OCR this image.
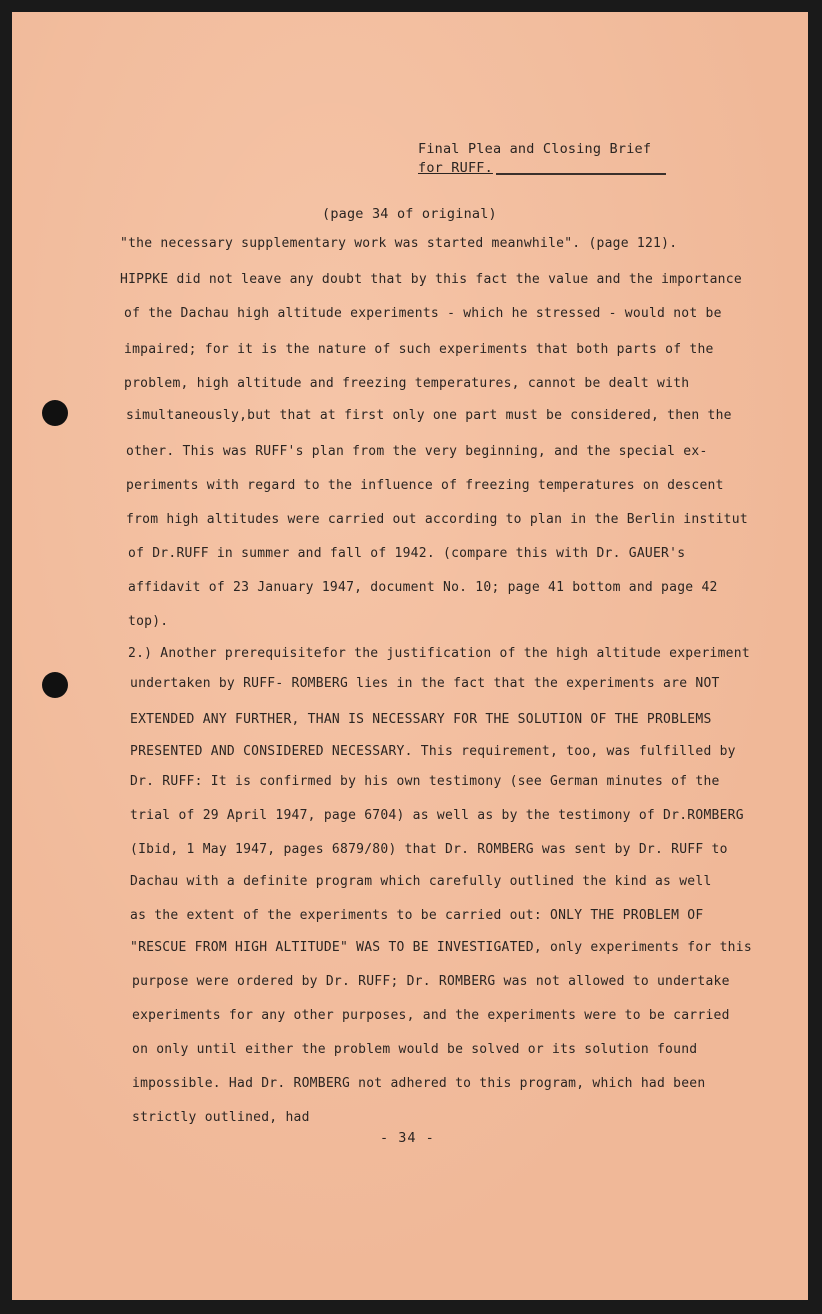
Final Plea and Closing Brief
for RUFF.
(page 34 of original)
"the necessary supplementary work was started meanwhile". (page 121).
HIPPKE did not leave any doubt that by this fact the value and the importance
of the Dachau high altitude experiments - which he stressed - would not be
impaired; for it is the nature of such experiments that both parts of the
problem, high altitude and freezing temperatures, cannot be dealt with
simultaneously,but that at first only one part must be considered, then the
other. This was RUFF's plan from the very beginning, and the special ex-
periments with regard to the influence of freezing temperatures on descent
from high altitudes were carried out according to plan in the Berlin institut
of Dr.RUFF in summer and fall of 1942. (compare this with Dr. GAUER's
affidavit of 23 January 1947, document No. 10; page 41 bottom and page 42
top).
2.) Another prerequisitefor the justification of the high altitude experiment
undertaken by RUFF- ROMBERG lies in the fact that the experiments are NOT
EXTENDED ANY FURTHER, THAN IS NECESSARY FOR THE SOLUTION OF THE PROBLEMS
PRESENTED AND CONSIDERED NECESSARY. This requirement, too, was fulfilled by
Dr. RUFF: It is confirmed by his own testimony (see German minutes of the
trial of 29 April 1947, page 6704) as well as by the testimony of Dr.ROMBERG
(Ibid, 1 May 1947, pages 6879/80) that Dr. ROMBERG was sent by Dr. RUFF to
Dachau with a definite program which carefully outlined the kind as well
as the extent of the experiments to be carried out: ONLY THE PROBLEM OF
"RESCUE FROM HIGH ALTITUDE" WAS TO BE INVESTIGATED, only experiments for this
purpose were ordered by Dr. RUFF; Dr. ROMBERG was not allowed to undertake
experiments for any other purposes, and the experiments were to be carried
on only until either the problem would be solved or its solution found
impossible. Had Dr. ROMBERG not adhered to this program, which had been
strictly outlined, had
- 34 -
